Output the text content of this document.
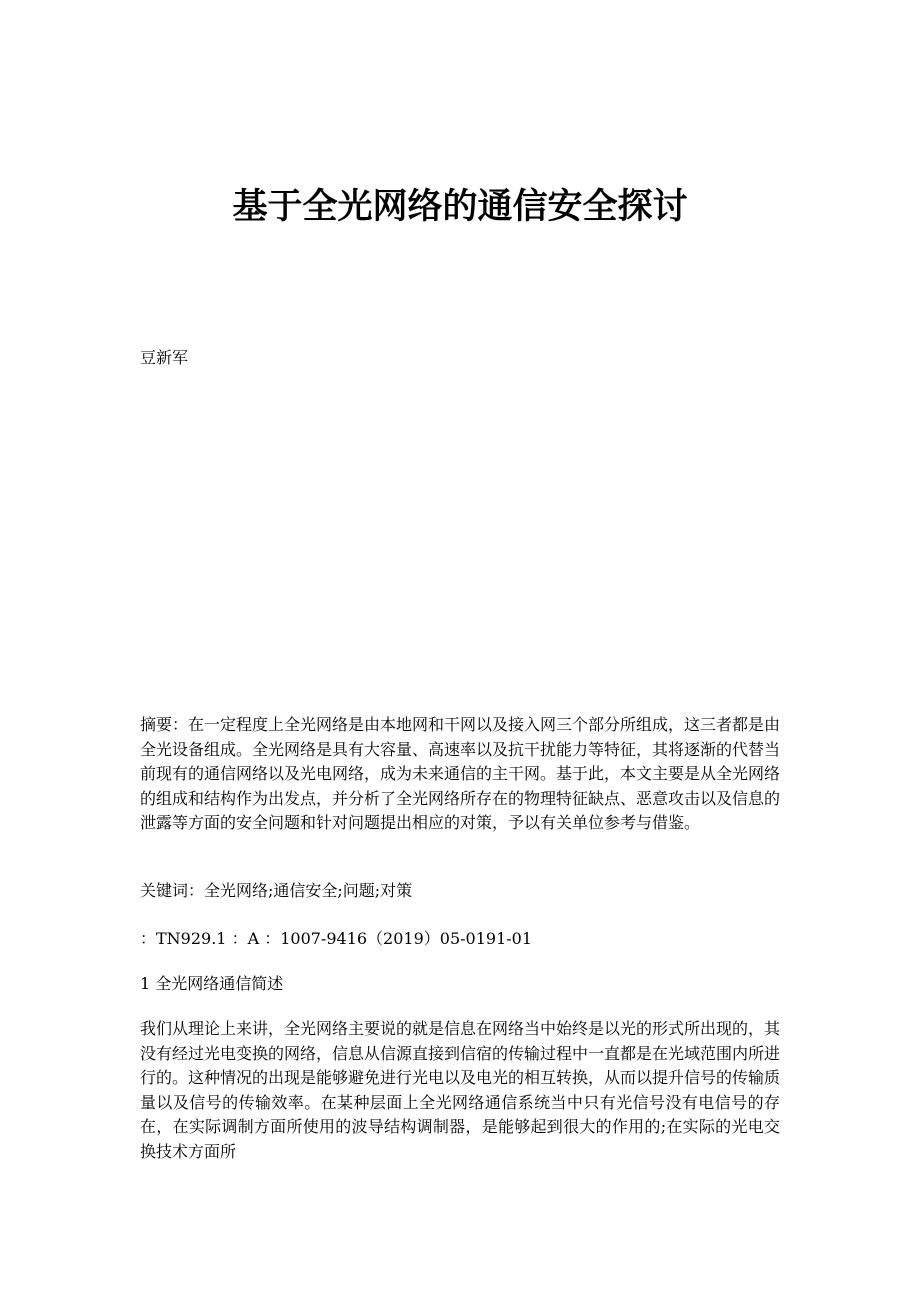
基于全光网络的通信安全探讨

豆新军

摘要：在一定程度上全光网络是由本地网和干网以及接入网三个部分所组成，这三者都是由全光设备组成。全光网络是具有大容量、高速率以及抗干扰能力等特征，其将逐渐的代替当前现有的通信网络以及光电网络，成为未来通信的主干网。基于此，本文主要是从全光网络的组成和结构作为出发点，并分析了全光网络所存在的物理特征缺点、恶意攻击以及信息的泄露等方面的安全问题和针对问题提出相应的对策，予以有关单位参考与借鉴。

关键词：全光网络;通信安全;问题;对策

：TN929.1 ：A ：1007-9416（2019）05-0191-01

1 全光网络通信简述

我们从理论上来讲，全光网络主要说的就是信息在网络当中始终是以光的形式所出现的，其没有经过光电变换的网络，信息从信源直接到信宿的传输过程中一直都是在光域范围内所进行的。这种情况的出现是能够避免进行光电以及电光的相互转换，从而以提升信号的传输质量以及信号的传输效率。在某种层面上全光网络通信系统当中只有光信号没有电信号的存在，在实际调制方面所使用的波导结构调制器，是能够起到很大的作用的;在实际的光电交换技术方面所
